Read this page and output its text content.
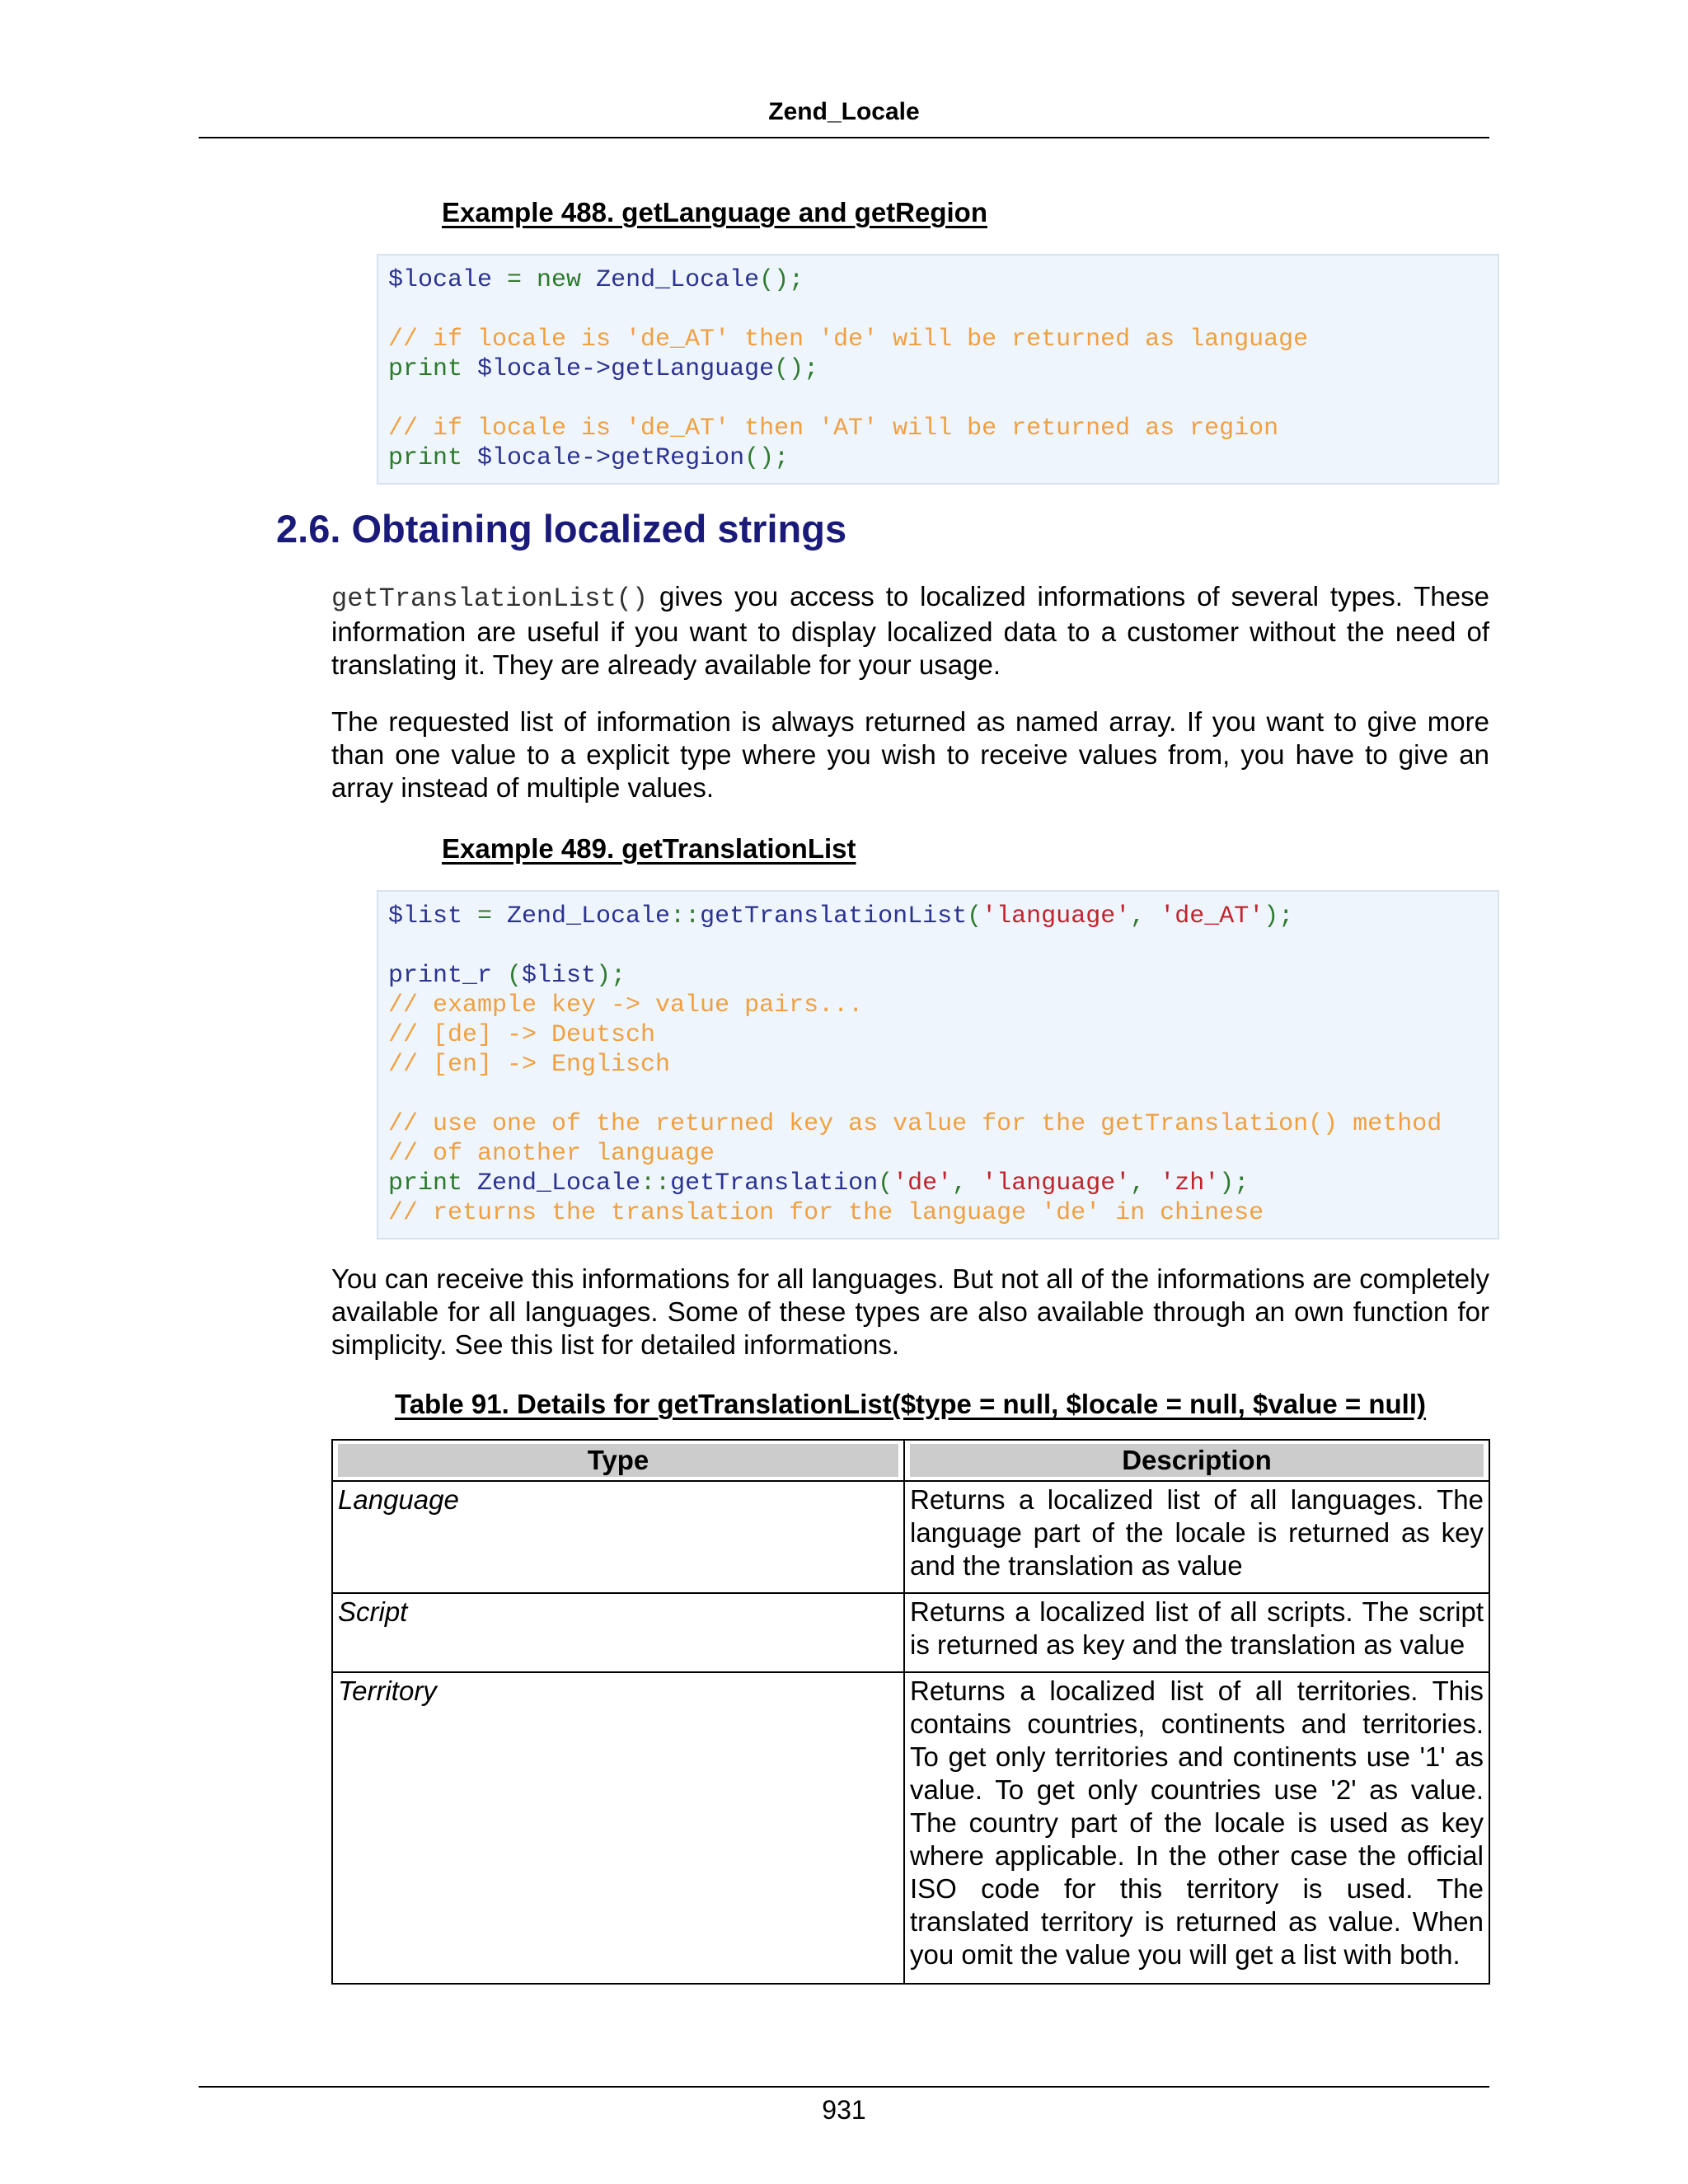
Zend_Locale
Example 488. getLanguage and getRegion
$locale = new Zend_Locale();

// if locale is 'de_AT' then 'de' will be returned as language
print $locale->getLanguage();

// if locale is 'de_AT' then 'AT' will be returned as region
print $locale->getRegion();
2.6. Obtaining localized strings

getTranslationList() gives you access to localized informations of several types. These information are useful if you want to display localized data to a customer without the need of translating it. They are already available for your usage.

The requested list of information is always returned as named array. If you want to give more than one value to a explicit type where you wish to receive values from, you have to give an array instead of multiple values.

Example 489. getTranslationList
$list = Zend_Locale::getTranslationList('language', 'de_AT');

print_r ($list);
// example key -> value pairs...
// [de] -> Deutsch
// [en] -> Englisch

// use one of the returned key as value for the getTranslation() method
// of another language
print Zend_Locale::getTranslation('de', 'language', 'zh');
// returns the translation for the language 'de' in chinese

You can receive this informations for all languages. But not all of the informations are completely available for all languages. Some of these types are also available through an own function for simplicity. See this list for detailed informations.

Table 91. Details for getTranslationList($type = null, $locale = null, $value = null)
Type	Description

Language	Returns a localized list of all languages. The language part of the locale is returned as key and the translation as value
Script	Returns a localized list of all scripts. The script is returned as key and the translation as value
Territory	Returns a localized list of all territories. This contains countries, continents and territories. To get only territories and continents use '1' as value. To get only countries use '2' as value. The country part of the locale is used as key where applicable. In the other case the official ISO code for this territory is used. The translated territory is returned as value. When you omit the value you will get a list with both.
931
